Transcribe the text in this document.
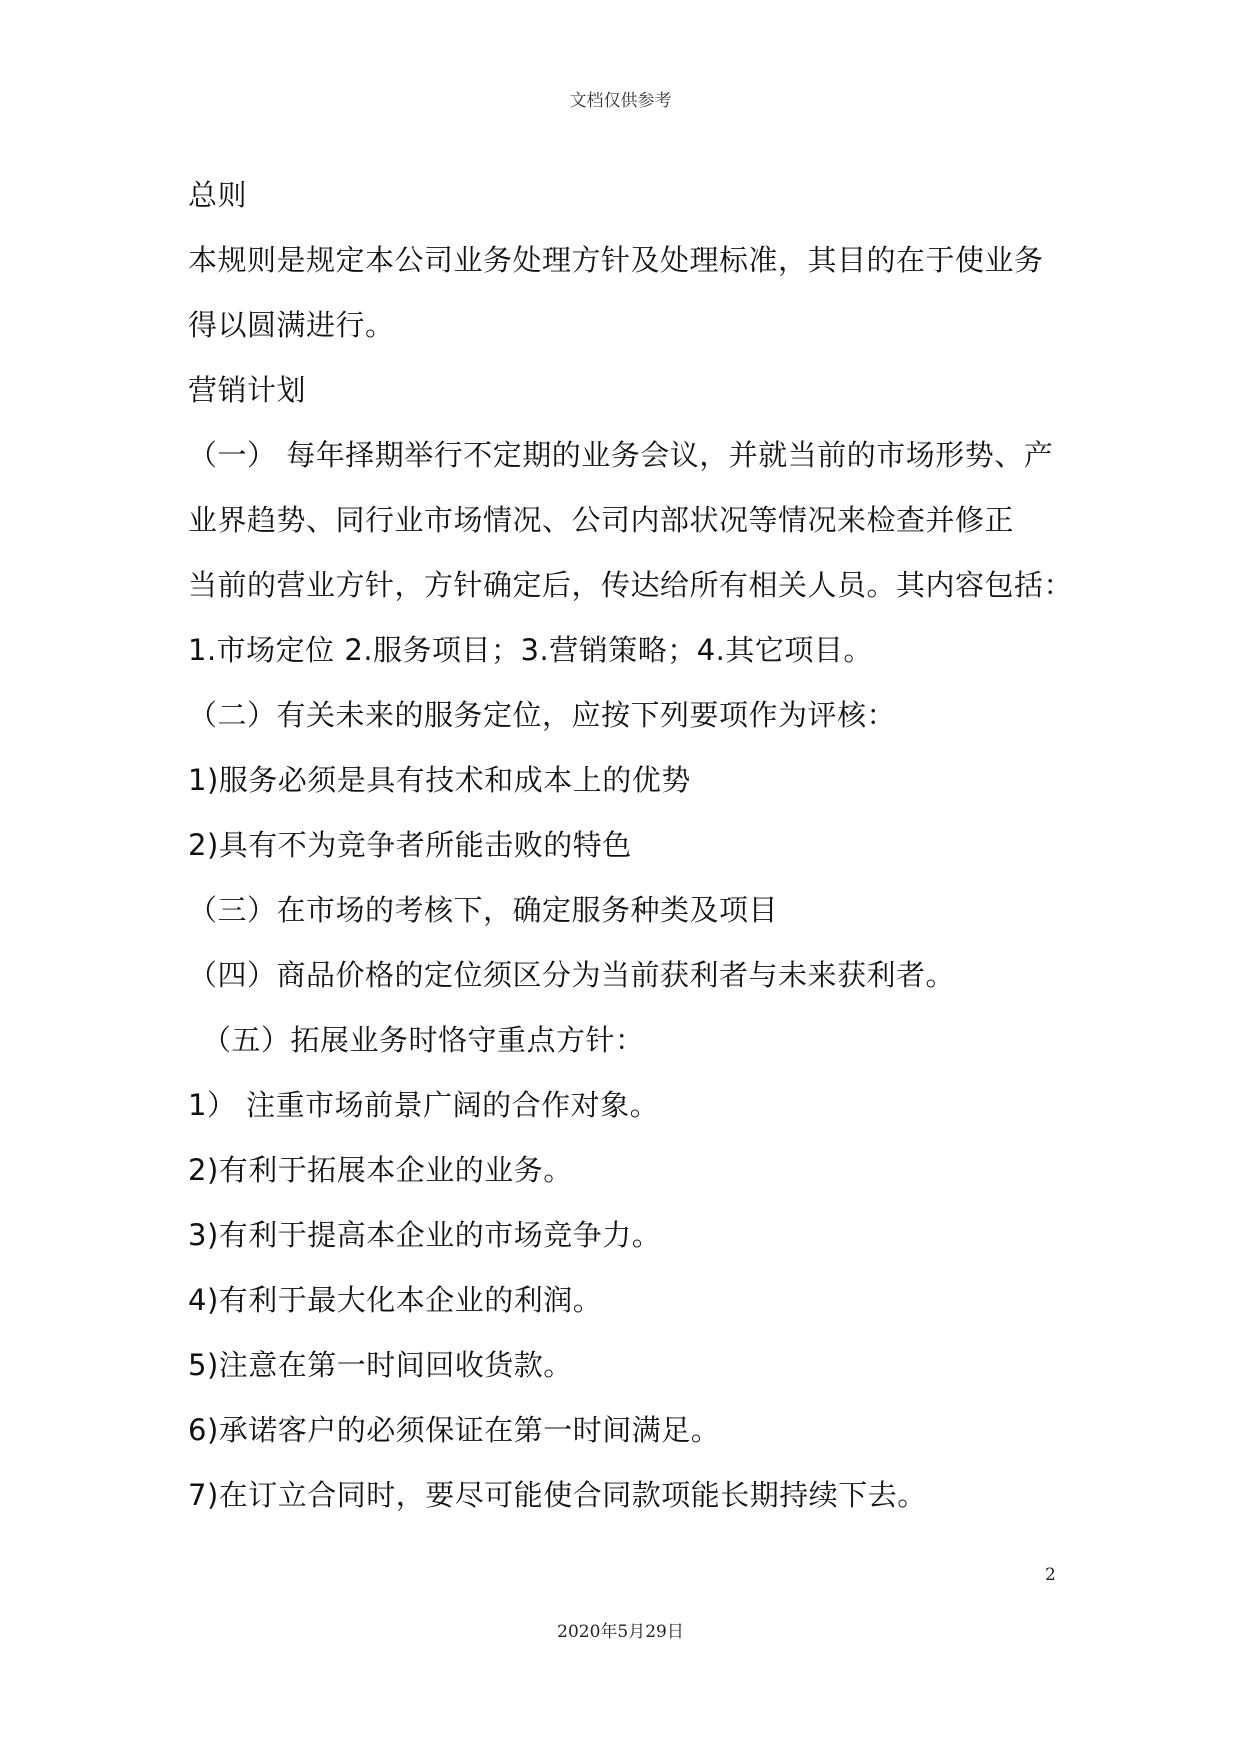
文档仅供参考
总则
本规则是规定本公司业务处理方针及处理标准，其目的在于使业务
得以圆满进行。
营销计划
（一） 每年择期举行不定期的业务会议，并就当前的市场形势、产
业界趋势、同行业市场情况、公司内部状况等情况来检查并修正
当前的营业方针，方针确定后，传达给所有相关人员。其内容包括：
1.市场定位 2.服务项目；3.营销策略；4.其它项目。
（二）有关未来的服务定位，应按下列要项作为评核：
1)服务必须是具有技术和成本上的优势
2)具有不为竞争者所能击败的特色
（三）在市场的考核下，确定服务种类及项目
（四）商品价格的定位须区分为当前获利者与未来获利者。
（五）拓展业务时恪守重点方针：
1） 注重市场前景广阔的合作对象。
2)有利于拓展本企业的业务。
3)有利于提高本企业的市场竞争力。
4)有利于最大化本企业的利润。
5)注意在第一时间回收货款。
6)承诺客户的必须保证在第一时间满足。
7)在订立合同时，要尽可能使合同款项能长期持续下去。
2
2020年5月29日
